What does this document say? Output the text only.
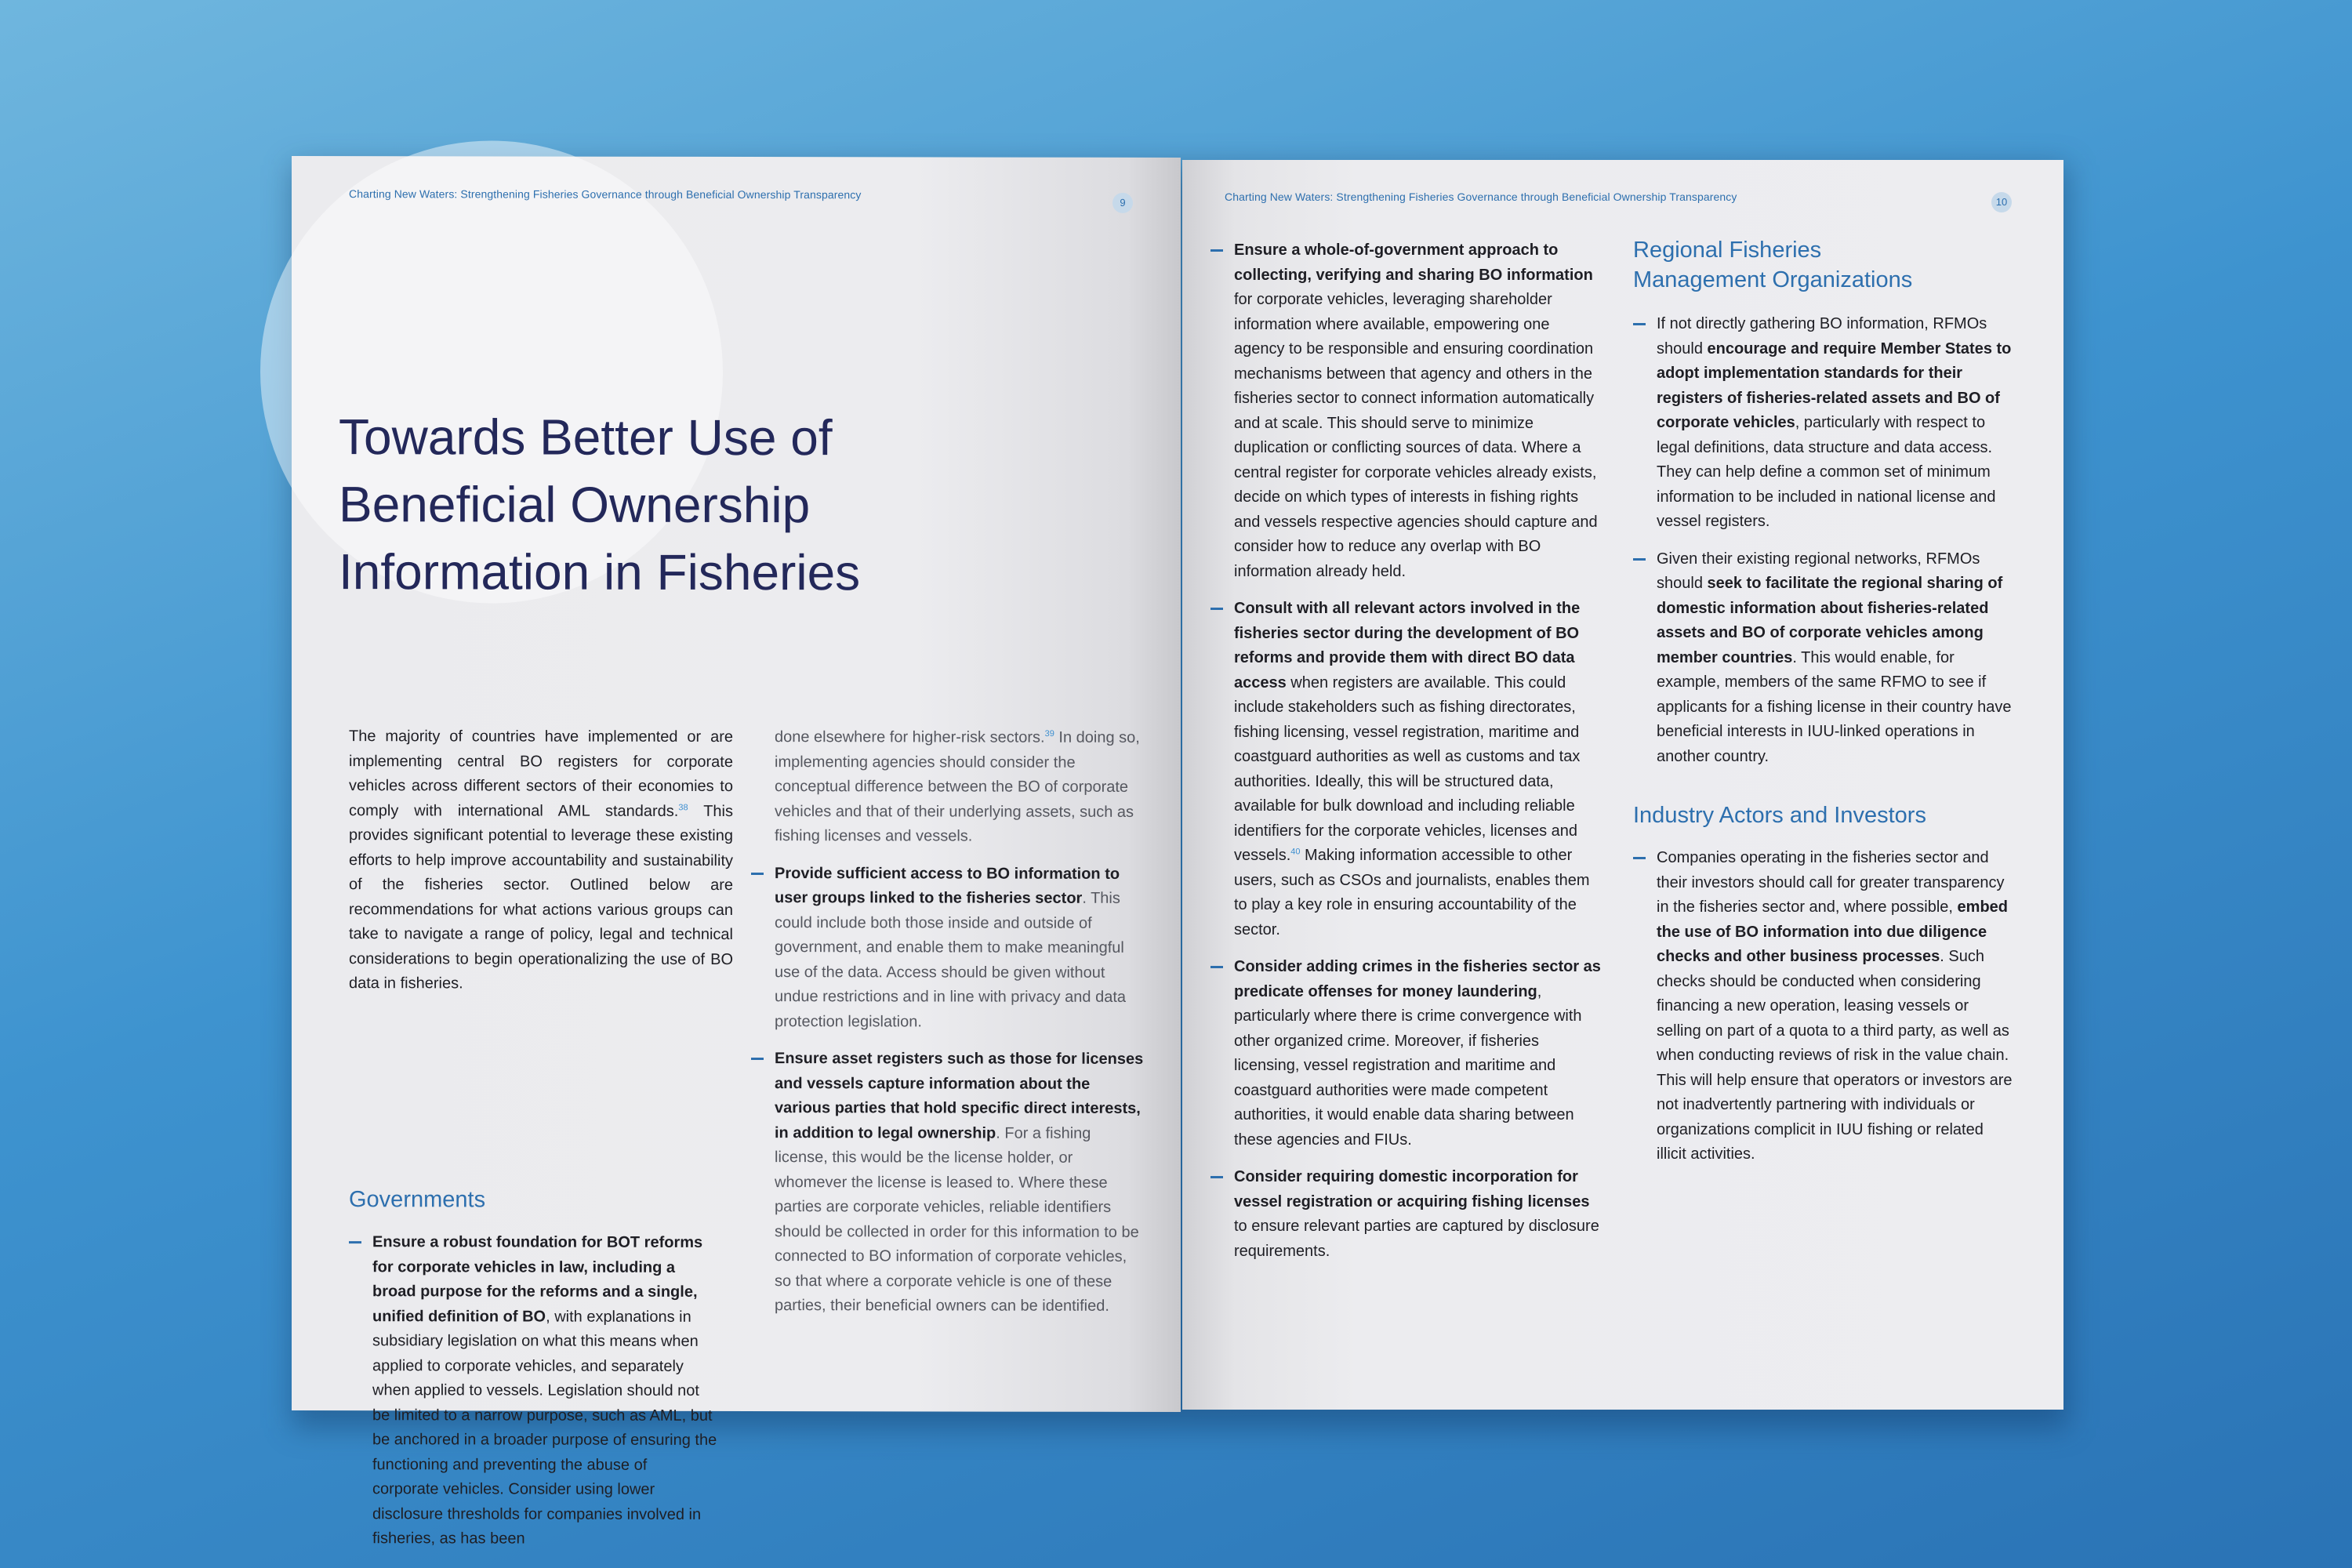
Charting New Waters: Strengthening Fisheries Governance through Beneficial Ownership Transparency
9
Towards Better Use of
Beneficial Ownership
Information in Fisheries

The majority of countries have implemented or are implementing central BO registers for corporate vehicles across different sectors of their economies to comply with international AML standards.$^{38}$ This provides significant potential to leverage these existing efforts to help improve accountability and sustainability of the fisheries sector. Outlined below are recommendations for what actions various groups can take to navigate a range of policy, legal and technical considerations to begin operationalizing the use of BO data in fisheries.

Governments
Ensure a robust foundation for BOT reforms for corporate vehicles in law, including a broad purpose for the reforms and a single, unified definition of BO, with explanations in subsidiary legislation on what this means when applied to corporate vehicles, and separately when applied to vessels. Legislation should not be limited to a narrow purpose, such as AML, but be anchored in a broader purpose of ensuring the functioning and preventing the abuse of corporate vehicles. Consider using lower disclosure thresholds for companies involved in fisheries, as has been

done elsewhere for higher-risk sectors.$^{39}$ In doing so, implementing agencies should consider the conceptual difference between the BO of corporate vehicles and that of their underlying assets, such as fishing licenses and vessels.

Provide sufficient access to BO information to user groups linked to the fisheries sector. This could include both those inside and outside of government, and enable them to make meaningful use of the data. Access should be given without undue restrictions and in line with privacy and data protection legislation.
Ensure asset registers such as those for licenses and vessels capture information about the various parties that hold specific direct interests, in addition to legal ownership. For a fishing license, this would be the license holder, or whomever the license is leased to. Where these parties are corporate vehicles, reliable identifiers should be collected in order for this information to be connected to BO information of corporate vehicles, so that where a corporate vehicle is one of these parties, their beneficial owners can be identified.
Charting New Waters: Strengthening Fisheries Governance through Beneficial Ownership Transparency	10
Ensure a whole-of-government approach to collecting, verifying and sharing BO information for corporate vehicles, leveraging shareholder information where available, empowering one agency to be responsible and ensuring coordination mechanisms between that agency and others in the fisheries sector to connect information automatically and at scale. This should serve to minimize duplication or conflicting sources of data. Where a central register for corporate vehicles already exists, decide on which types of interests in fishing rights and vessels respective agencies should capture and consider how to reduce any overlap with BO information already held.
Consult with all relevant actors involved in the fisheries sector during the development of BO reforms and provide them with direct BO data access when registers are available. This could include stakeholders such as fishing directorates, fishing licensing, vessel registration, maritime and coastguard authorities as well as customs and tax authorities. Ideally, this will be structured data, available for bulk download and including reliable identifiers for the corporate vehicles, licenses and vessels.$^{40}$ Making information accessible to other users, such as CSOs and journalists, enables them to play a key role in ensuring accountability of the sector.
Consider adding crimes in the fisheries sector as predicate offenses for money laundering, particularly where there is crime convergence with other organized crime. Moreover, if fisheries licensing, vessel registration and maritime and coastguard authorities were made competent authorities, it would enable data sharing between these agencies and FIUs.
Consider requiring domestic incorporation for vessel registration or acquiring fishing licenses to ensure relevant parties are captured by disclosure requirements.
Regional Fisheries
Management Organizations
If not directly gathering BO information, RFMOs should encourage and require Member States to adopt implementation standards for their registers of fisheries-related assets and BO of corporate vehicles, particularly with respect to legal definitions, data structure and data access. They can help define a common set of minimum information to be included in national license and vessel registers.
Given their existing regional networks, RFMOs should seek to facilitate the regional sharing of domestic information about fisheries-related assets and BO of corporate vehicles among member countries. This would enable, for example, members of the same RFMO to see if applicants for a fishing license in their country have beneficial interests in IUU-linked operations in another country.
Industry Actors and Investors
Companies operating in the fisheries sector and their investors should call for greater transparency in the fisheries sector and, where possible, embed the use of BO information into due diligence checks and other business processes. Such checks should be conducted when considering financing a new operation, leasing vessels or selling on part of a quota to a third party, as well as when conducting reviews of risk in the value chain. This will help ensure that operators or investors are not inadvertently partnering with individuals or organizations complicit in IUU fishing or related illicit activities.
